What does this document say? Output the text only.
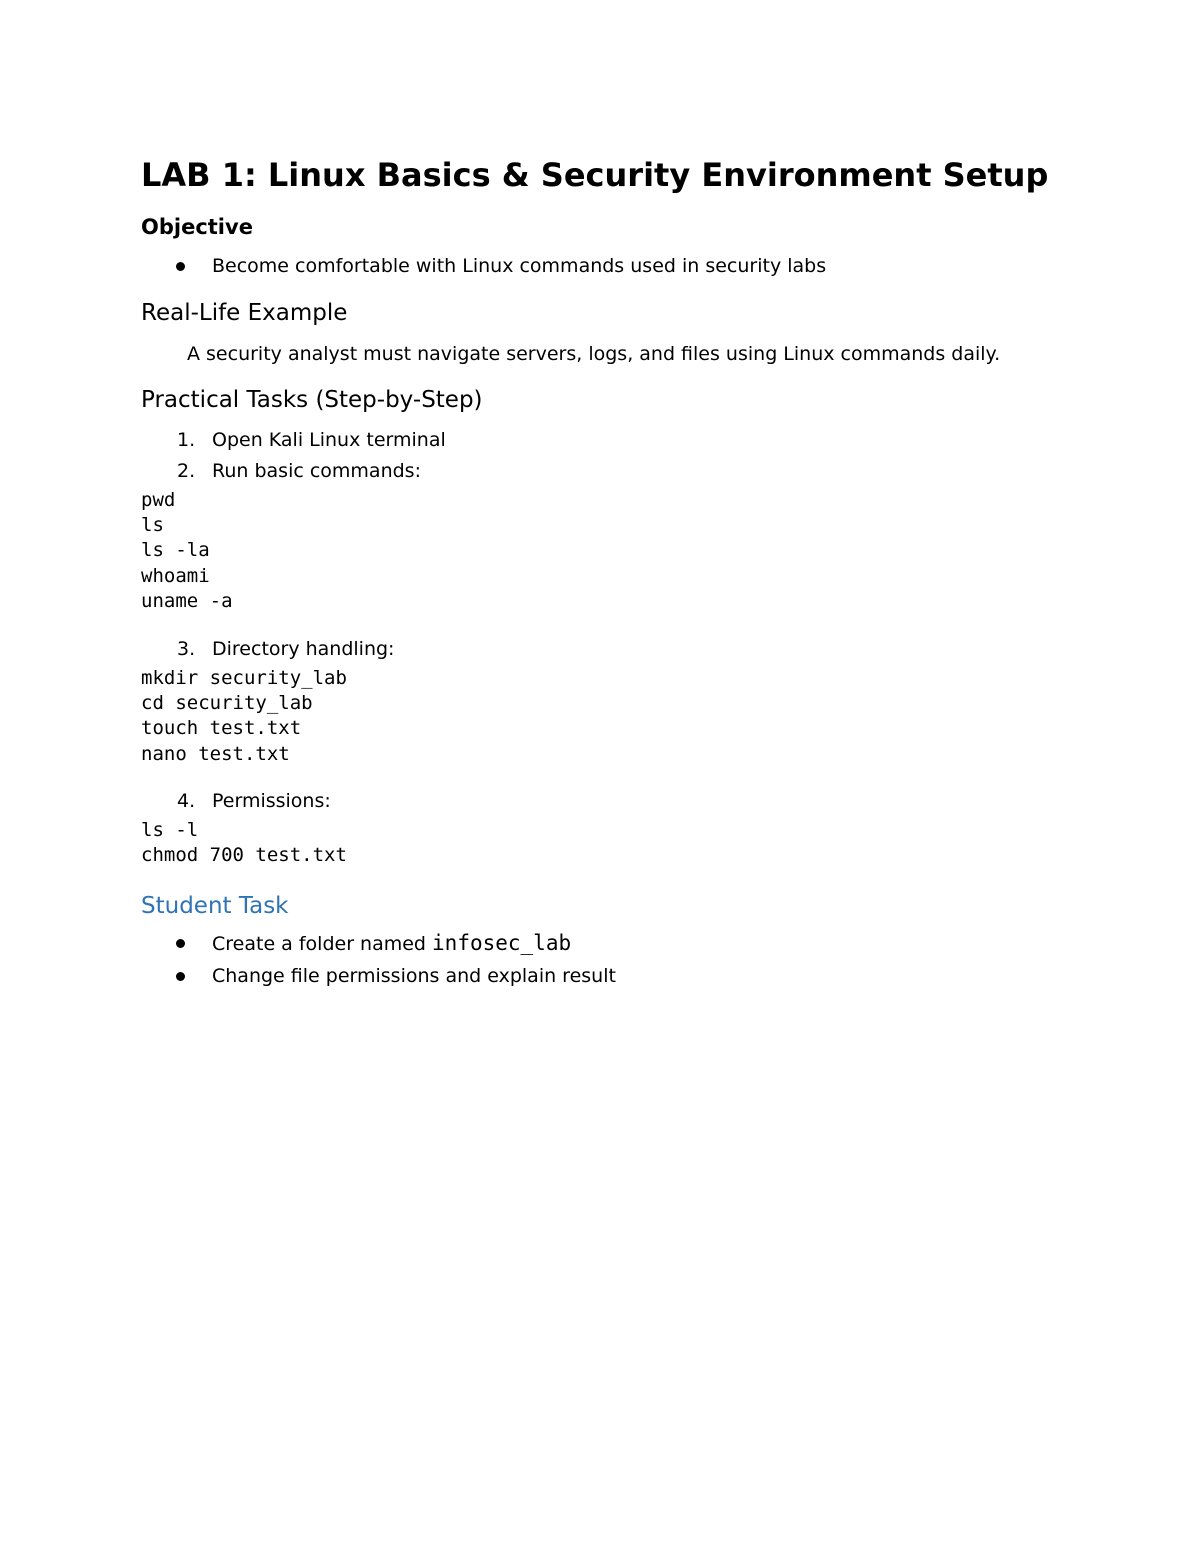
LAB 1: Linux Basics & Security Environment Setup
Objective
Become comfortable with Linux commands used in security labs
Real-Life Example
A security analyst must navigate servers, logs, and files using Linux commands daily.
Practical Tasks (Step-by-Step)
1. Open Kali Linux terminal
2. Run basic commands:
pwd
ls
ls -la
whoami
uname -a
3. Directory handling:
mkdir security_lab
cd security_lab
touch test.txt
nano test.txt
4. Permissions:
ls -l
chmod 700 test.txt
Student Task
Create a folder named infosec_lab
Change file permissions and explain result
